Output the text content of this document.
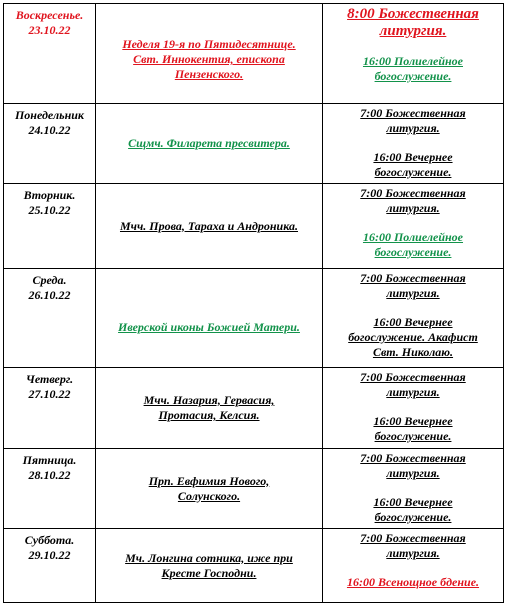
Воскресенье.
23.10.22	Неделя 19-я по Пятидесятнице.
Свт. Иннокентия, епископа
Пензенского.	8:00 Божественная
литургия.
16:00 Полиелейное
богослужение.

Понедельник
24.10.22	Сщмч. Филарета пресвитера.	7:00 Божественная
литургия.
16:00 Вечернее
богослужение.

Вторник.
25.10.22	Мчч. Прова, Тараха и Андроника.	7:00 Божественная
литургия.
16:00 Полиелейное
богослужение.

Среда.
26.10.22	Иверской иконы Божией Матери.	7:00 Божественная
литургия.
16:00 Вечернее
богослужение. Акафист
Свт. Николаю.

Четверг.
27.10.22	Мчч. Назария, Гервасия,
Протасия, Келсия.	7:00 Божественная
литургия.
16:00 Вечернее
богослужение.

Пятница.
28.10.22	Прп. Евфимия Нового,
Солунского.	7:00 Божественная
литургия.
16:00 Вечернее
богослужение.

Суббота.
29.10.22	Мч. Лонгина сотника, иже при
Кресте Господни.	7:00 Божественная
литургия.
16:00 Всенощное бдение.
